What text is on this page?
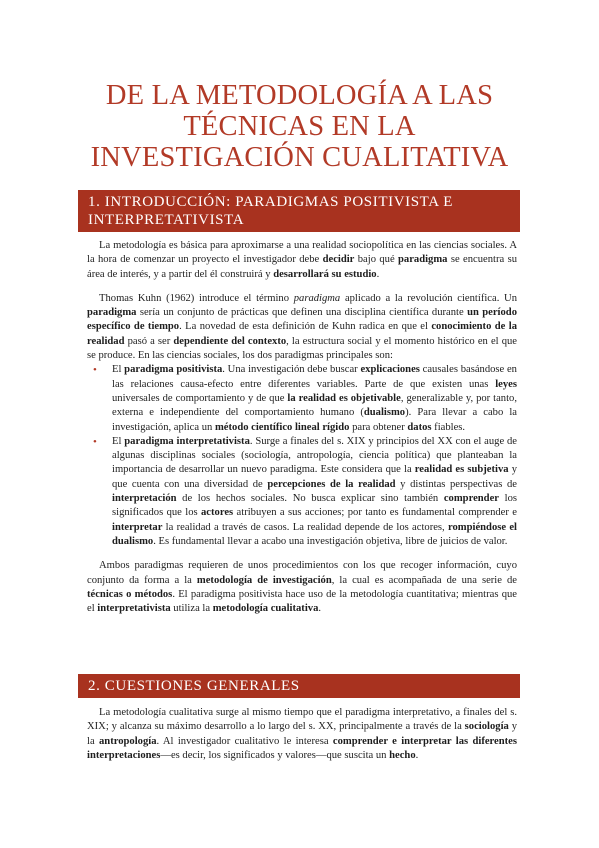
DE LA METODOLOGÍA A LAS
TÉCNICAS EN LA
INVESTIGACIÓN CUALITATIVA
1. INTRODUCCIÓN: PARADIGMAS POSITIVISTA E
INTERPRETATIVISTA

La metodología es básica para aproximarse a una realidad sociopolítica en las ciencias sociales. A la hora de comenzar un proyecto el investigador debe decidir bajo qué paradigma se encuentra su área de interés, y a partir del él construirá y desarrollará su estudio.

Thomas Kuhn (1962) introduce el término paradigma aplicado a la revolución científica. Un paradigma sería un conjunto de prácticas que definen una disciplina científica durante un período específico de tiempo. La novedad de esta definición de Kuhn radica en que el conocimiento de la realidad pasó a ser dependiente del contexto, la estructura social y el momento histórico en el que se produce. En las ciencias sociales, los dos paradigmas principales son:

• El paradigma positivista. Una investigación debe buscar explicaciones causales basándose en las relaciones causa-efecto entre diferentes variables. Parte de que existen unas leyes universales de comportamiento y de que la realidad es objetivable, generalizable y, por tanto, externa e independiente del comportamiento humano (dualismo). Para llevar a cabo la investigación, aplica un método científico lineal rígido para obtener datos fiables.
• El paradigma interpretativista. Surge a finales del s. XIX y principios del XX con el auge de algunas disciplinas sociales (sociología, antropología, ciencia política) que planteaban la importancia de desarrollar un nuevo paradigma. Este considera que la realidad es subjetiva y que cuenta con una diversidad de percepciones de la realidad y distintas perspectivas de interpretación de los hechos sociales. No busca explicar sino también comprender los significados que los actores atribuyen a sus acciones; por tanto es fundamental comprender e interpretar la realidad a través de casos. La realidad depende de los actores, rompiéndose el dualismo. Es fundamental llevar a acabo una investigación objetiva, libre de juicios de valor.

Ambos paradigmas requieren de unos procedimientos con los que recoger información, cuyo conjunto da forma a la metodología de investigación, la cual es acompañada de una serie de técnicas o métodos. El paradigma positivista hace uso de la metodología cuantitativa; mientras que el interpretativista utiliza la metodología cualitativa.

2. CUESTIONES GENERALES

La metodología cualitativa surge al mismo tiempo que el paradigma interpretativo, a finales del s. XIX; y alcanza su máximo desarrollo a lo largo del s. XX, principalmente a través de la sociología y la antropología. Al investigador cualitativo le interesa comprender e interpretar las diferentes interpretaciones—es decir, los significados y valores—que suscita un hecho.
